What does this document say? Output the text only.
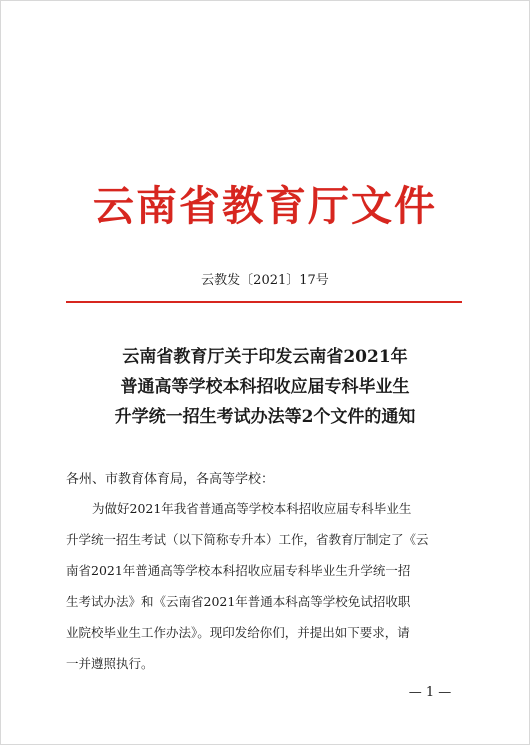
云南省教育厅文件
云教发〔2021〕17号
云南省教育厅关于印发云南省2021年
普通高等学校本科招收应届专科毕业生
升学统一招生考试办法等2个文件的通知
各州、市教育体育局，各高等学校：
为做好2021年我省普通高等学校本科招收应届专科毕业生
升学统一招生考试（以下简称专升本）工作，省教育厅制定了《云
南省2021年普通高等学校本科招收应届专科毕业生升学统一招
生考试办法》和《云南省2021年普通本科高等学校免试招收职
业院校毕业生工作办法》。现印发给你们，并提出如下要求，请
一并遵照执行。
— 1 —
